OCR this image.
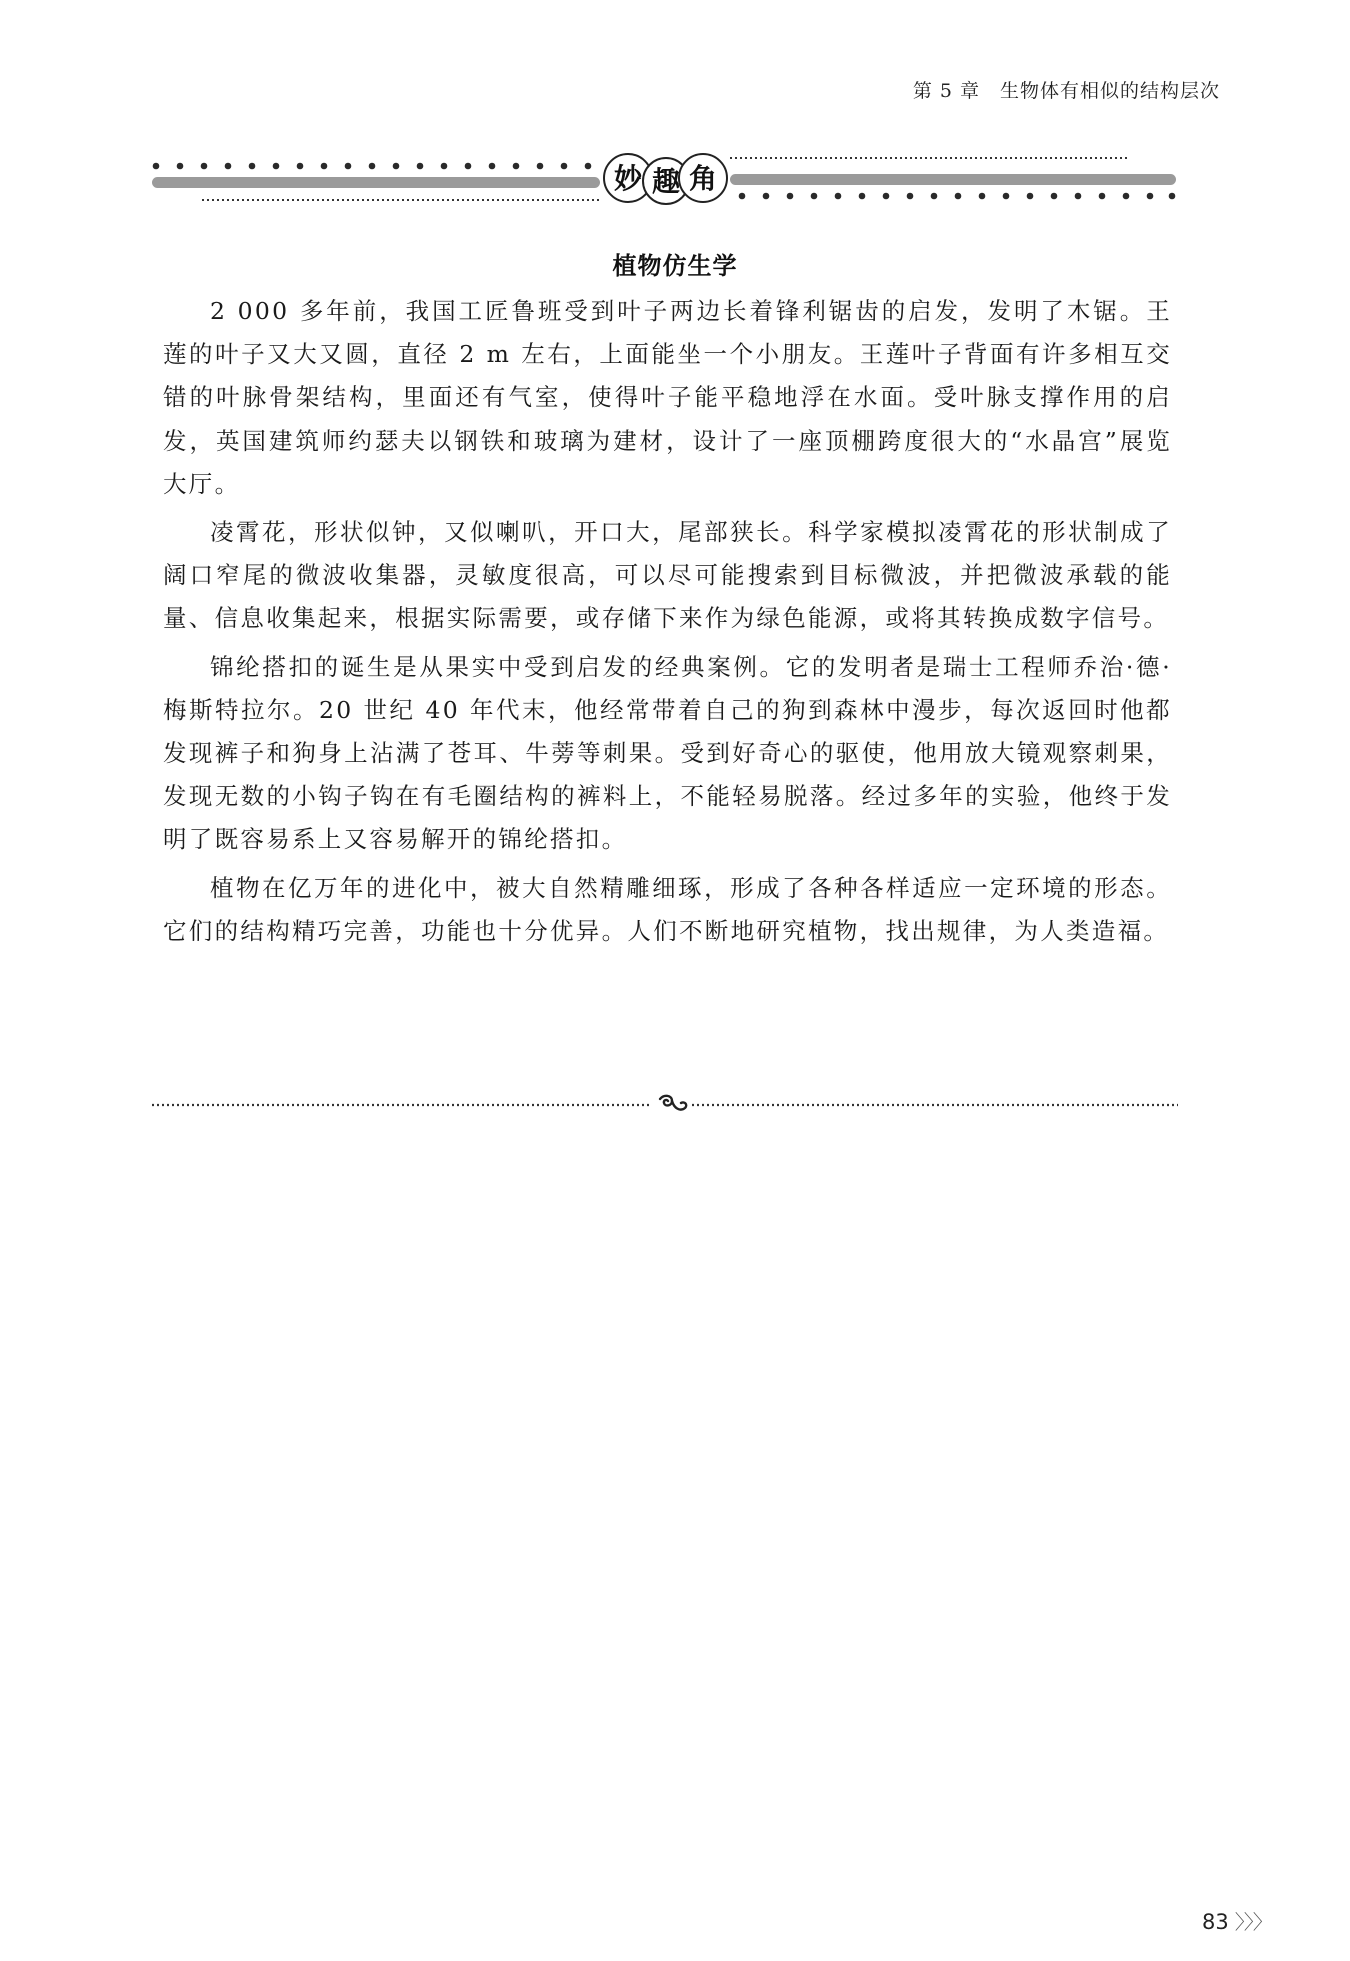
第 5 章　生物体有相似的结构层次
妙 趣 角
植物仿生学

2 000 多年前，我国工匠鲁班受到叶子两边长着锋利锯齿的启发，发明了木锯。王莲的叶子又大又圆，直径 2 m 左右，上面能坐一个小朋友。王莲叶子背面有许多相互交错的叶脉骨架结构，里面还有气室，使得叶子能平稳地浮在水面。受叶脉支撑作用的启发，英国建筑师约瑟夫以钢铁和玻璃为建材，设计了一座顶棚跨度很大的“水晶宫”展览大厅。

凌霄花，形状似钟，又似喇叭，开口大，尾部狭长。科学家模拟凌霄花的形状制成了阔口窄尾的微波收集器，灵敏度很高，可以尽可能搜索到目标微波，并把微波承载的能量、信息收集起来，根据实际需要，或存储下来作为绿色能源，或将其转换成数字信号。

锦纶搭扣的诞生是从果实中受到启发的经典案例。它的发明者是瑞士工程师乔治·德·梅斯特拉尔。20 世纪 40 年代末，他经常带着自己的狗到森林中漫步，每次返回时他都发现裤子和狗身上沾满了苍耳、牛蒡等刺果。受到好奇心的驱使，他用放大镜观察刺果，发现无数的小钩子钩在有毛圈结构的裤料上，不能轻易脱落。经过多年的实验，他终于发明了既容易系上又容易解开的锦纶搭扣。

植物在亿万年的进化中，被大自然精雕细琢，形成了各种各样适应一定环境的形态。它们的结构精巧完善，功能也十分优异。人们不断地研究植物，找出规律，为人类造福。

83 〉〉〉
